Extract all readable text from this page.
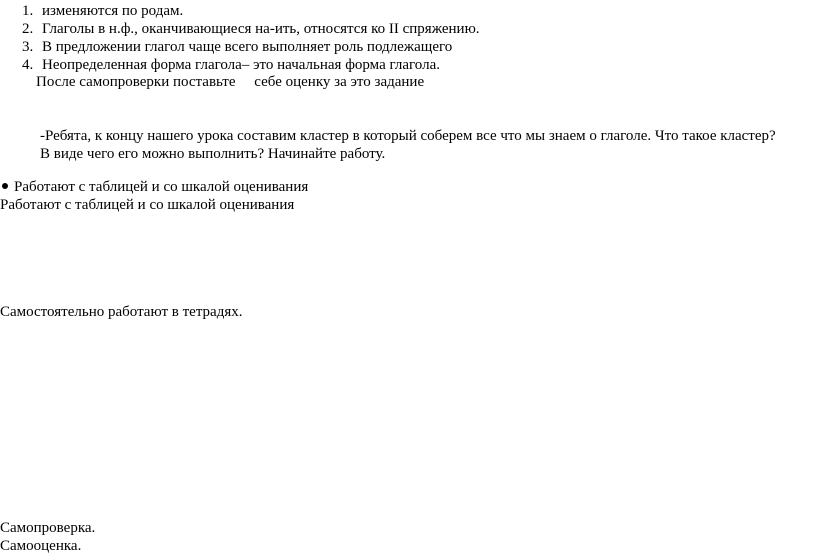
1. изменяются по родам.
2. Глаголы в н.ф., оканчивающиеся на-ить, относятся ко II спряжению.
3. В предложении глагол чаще всего выполняет роль подлежащего
4. Неопределенная форма глагола– это начальная форма глагола.
После самопроверки поставьте     себе оценку за это задание
-Ребята, к концу нашего урока составим кластер в который соберем все что мы знаем о глаголе. Что такое кластер?
В виде чего его можно выполнить? Начинайте работу.
Работают с таблицей и со шкалой оценивания
Работают с таблицей и со шкалой оценивания
Самостоятельно работают в тетрадях.
Самопроверка.
Самооценка.
